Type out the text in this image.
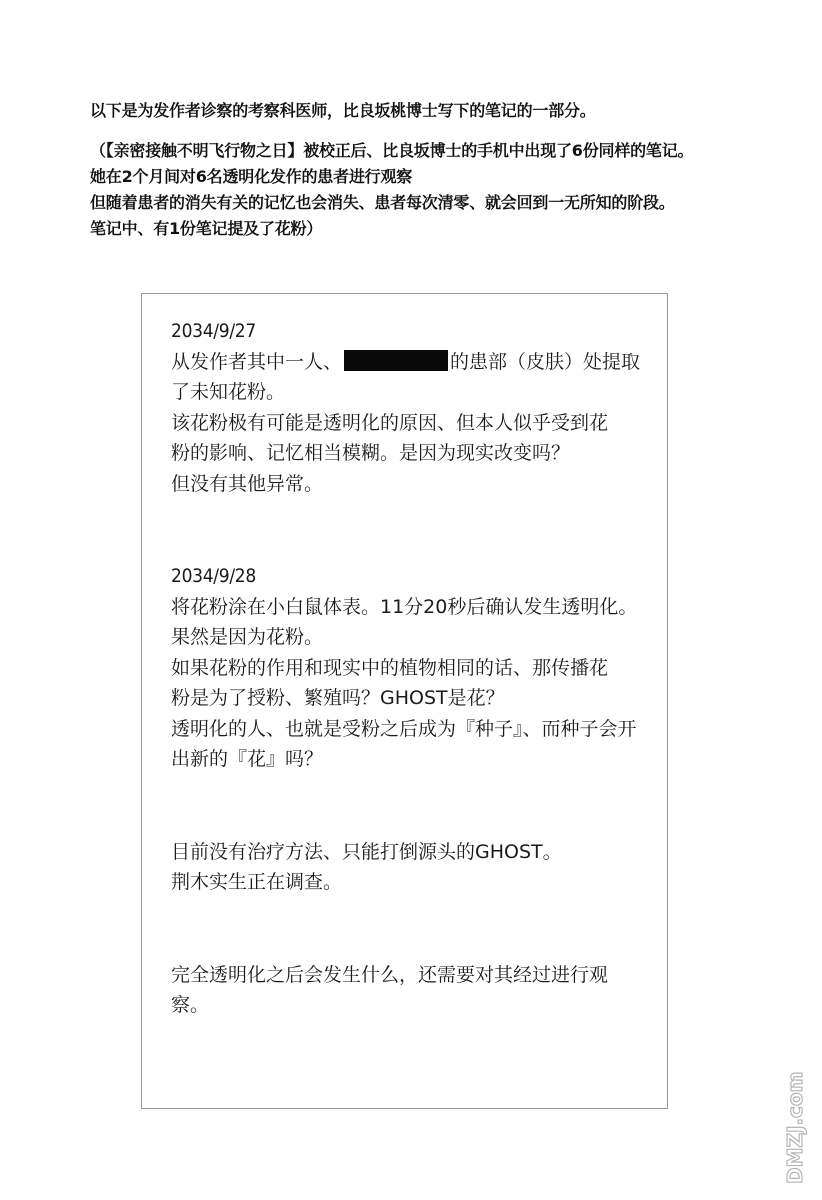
以下是为发作者诊察的考察科医师，比良坂桃博士写下的笔记的一部分。
（【亲密接触不明飞行物之日】被校正后、比良坂博士的手机中出现了6份同样的笔记。
她在2个月间对6名透明化发作的患者进行观察
但随着患者的消失有关的记忆也会消失、患者每次清零、就会回到一无所知的阶段。
笔记中、有1份笔记提及了花粉）
2034/9/27
从发作者其中一人、	的患部（皮肤）处提取
了未知花粉。
该花粉极有可能是透明化的原因、但本人似乎受到花
粉的影响、记忆相当模糊。是因为现实改变吗？
但没有其他异常。
2034/9/28
将花粉涂在小白鼠体表。11分20秒后确认发生透明化。
果然是因为花粉。
如果花粉的作用和现实中的植物相同的话、那传播花
粉是为了授粉、繁殖吗？GHOST是花？
透明化的人、也就是受粉之后成为『种子』、而种子会开
出新的『花』吗？
目前没有治疗方法、只能打倒源头的GHOST。
荆木实生正在调查。
完全透明化之后会发生什么，还需要对其经过进行观
察。
DMZJ.com
